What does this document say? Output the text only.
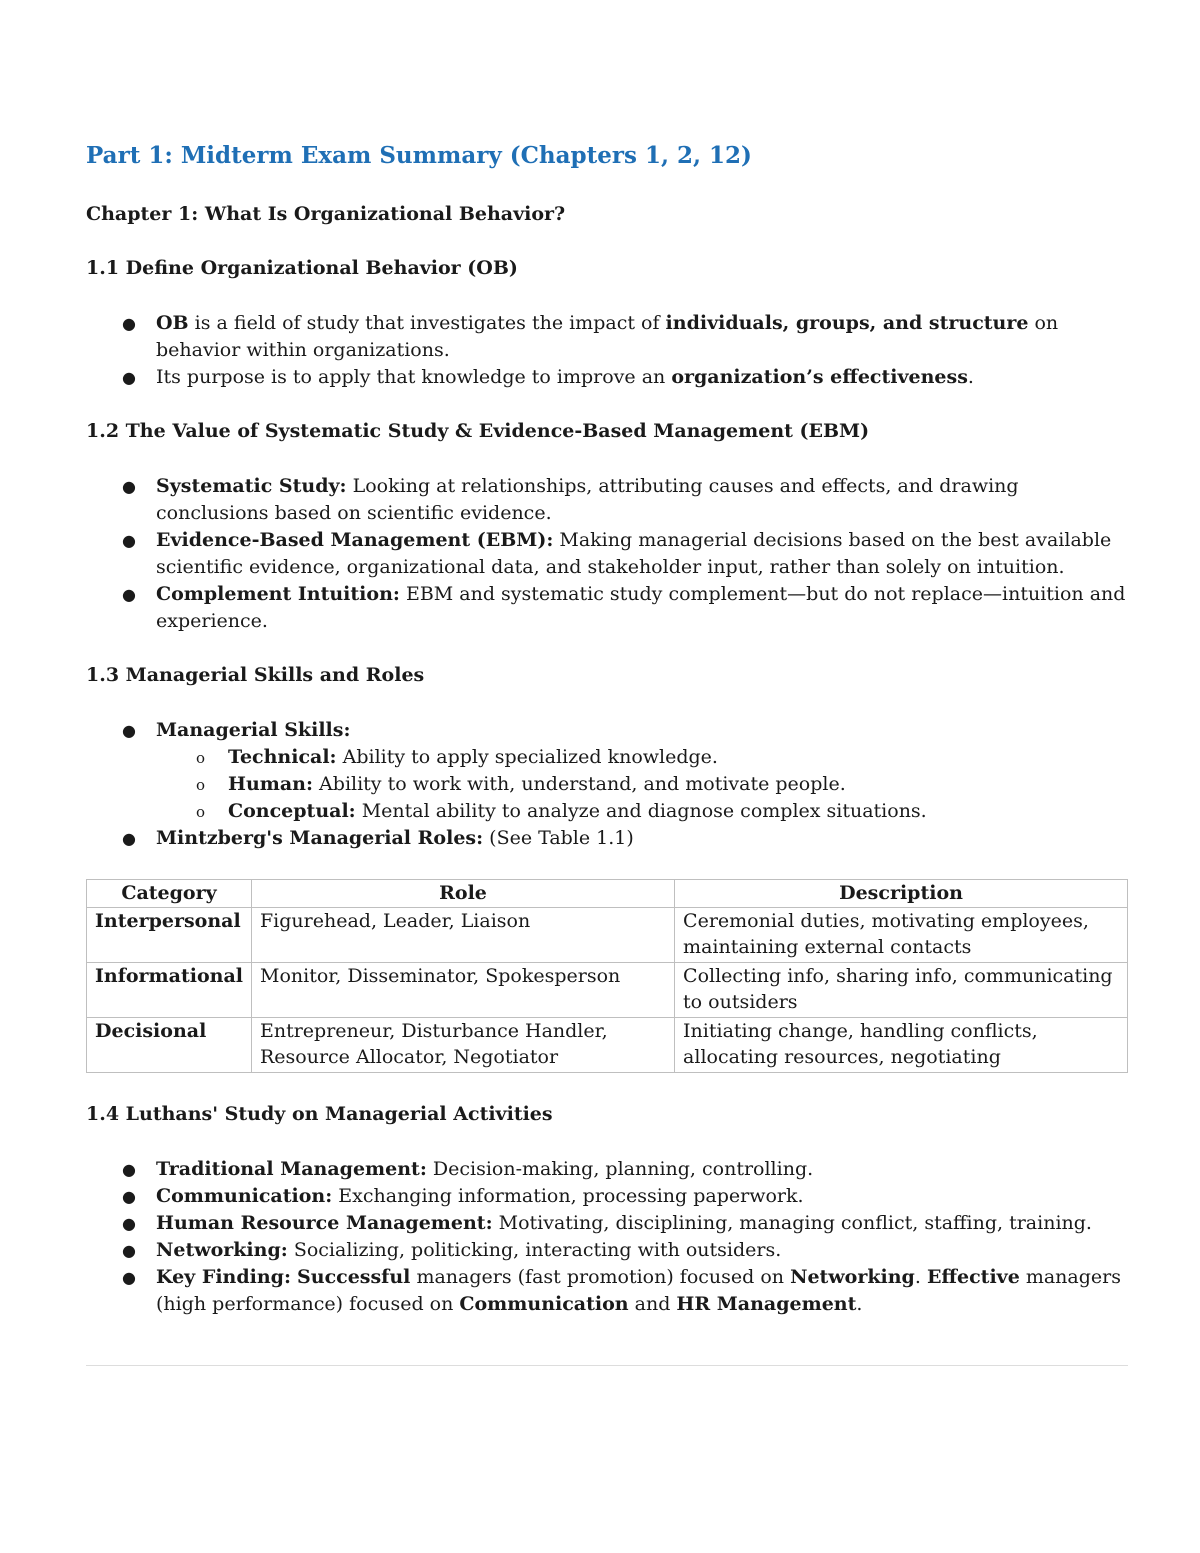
Part 1: Midterm Exam Summary (Chapters 1, 2, 12)
Chapter 1: What Is Organizational Behavior?
1.1 Define Organizational Behavior (OB)
● OB is a field of study that investigates the impact of individuals, groups, and structure on behavior within organizations.
● Its purpose is to apply that knowledge to improve an organization’s effectiveness.
1.2 The Value of Systematic Study & Evidence-Based Management (EBM)
● Systematic Study: Looking at relationships, attributing causes and effects, and drawing conclusions based on scientific evidence.
● Evidence-Based Management (EBM): Making managerial decisions based on the best available scientific evidence, organizational data, and stakeholder input, rather than solely on intuition.
● Complement Intuition: EBM and systematic study complement—but do not replace—intuition and experience.
1.3 Managerial Skills and Roles
● Managerial Skills:
o Technical: Ability to apply specialized knowledge.
o Human: Ability to work with, understand, and motivate people.
o Conceptual: Mental ability to analyze and diagnose complex situations.
● Mintzberg's Managerial Roles: (See Table 1.1)
Category	Role	Description
Interpersonal	Figurehead, Leader, Liaison	Ceremonial duties, motivating employees, maintaining external contacts
Informational	Monitor, Disseminator, Spokesperson	Collecting info, sharing info, communicating to outsiders
Decisional	Entrepreneur, Disturbance Handler, Resource Allocator, Negotiator	Initiating change, handling conflicts, allocating resources, negotiating
1.4 Luthans' Study on Managerial Activities
● Traditional Management: Decision-making, planning, controlling.
● Communication: Exchanging information, processing paperwork.
● Human Resource Management: Motivating, disciplining, managing conflict, staffing, training.
● Networking: Socializing, politicking, interacting with outsiders.
● Key Finding: Successful managers (fast promotion) focused on Networking. Effective managers (high performance) focused on Communication and HR Management.
